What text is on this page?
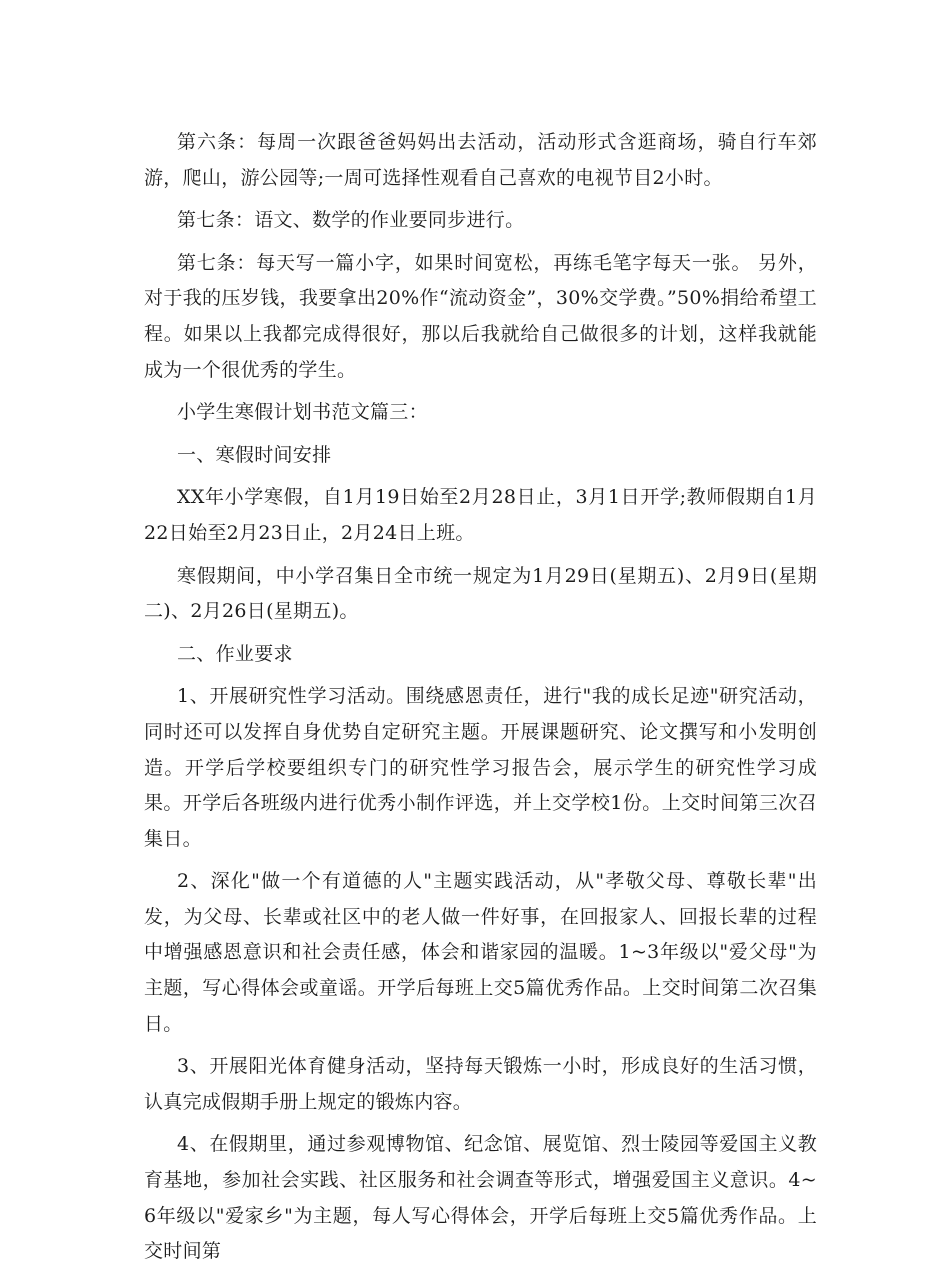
第六条：每周一次跟爸爸妈妈出去活动，活动形式含逛商场，骑自行车郊游，爬山，游公园等;一周可选择性观看自己喜欢的电视节目2小时。

第七条：语文、数学的作业要同步进行。

第七条：每天写一篇小字，如果时间宽松，再练毛笔字每天一张。 另外，对于我的压岁钱，我要拿出20%作“流动资金”，30%交学费。”50%捐给希望工程。如果以上我都完成得很好，那以后我就给自己做很多的计划，这样我就能成为一个很优秀的学生。

小学生寒假计划书范文篇三：

一、寒假时间安排

XX年小学寒假，自1月19日始至2月28日止，3月1日开学;教师假期自1月22日始至2月23日止，2月24日上班。

寒假期间，中小学召集日全市统一规定为1月29日(星期五)、2月9日(星期二)、2月26日(星期五)。

二、作业要求

1、开展研究性学习活动。围绕感恩责任，进行"我的成长足迹"研究活动，同时还可以发挥自身优势自定研究主题。开展课题研究、论文撰写和小发明创造。开学后学校要组织专门的研究性学习报告会，展示学生的研究性学习成果。开学后各班级内进行优秀小制作评选，并上交学校1份。上交时间第三次召集日。

2、深化"做一个有道德的人"主题实践活动，从"孝敬父母、尊敬长辈"出发，为父母、长辈或社区中的老人做一件好事，在回报家人、回报长辈的过程中增强感恩意识和社会责任感，体会和谐家园的温暖。1~3年级以"爱父母"为主题，写心得体会或童谣。开学后每班上交5篇优秀作品。上交时间第二次召集日。

3、开展阳光体育健身活动，坚持每天锻炼一小时，形成良好的生活习惯，认真完成假期手册上规定的锻炼内容。

4、在假期里，通过参观博物馆、纪念馆、展览馆、烈士陵园等爱国主义教育基地，参加社会实践、社区服务和社会调查等形式，增强爱国主义意识。4~6年级以"爱家乡"为主题，每人写心得体会，开学后每班上交5篇优秀作品。上交时间第
